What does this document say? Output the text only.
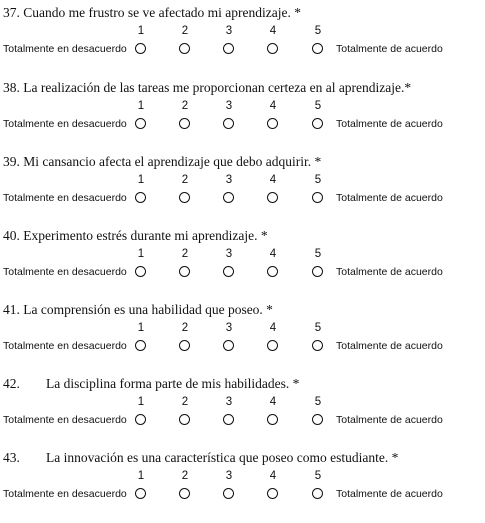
37. Cuando me frustro se ve afectado mi aprendizaje. *
1	2	3	4	5
Totalmente en desacuerdo	Totalmente de acuerdo
38. La realización de las tareas me proporcionan certeza en al aprendizaje.*
1	2	3	4	5
Totalmente en desacuerdo	Totalmente de acuerdo
39. Mi cansancio afecta el aprendizaje que debo adquirir. *
1	2	3	4	5
Totalmente en desacuerdo	Totalmente de acuerdo
40. Experimento estrés durante mi aprendizaje. *
1	2	3	4	5
Totalmente en desacuerdo	Totalmente de acuerdo
41. La comprensión es una habilidad que poseo. *
1	2	3	4	5
Totalmente en desacuerdo	Totalmente de acuerdo
42. La disciplina forma parte de mis habilidades. *
1	2	3	4	5
Totalmente en desacuerdo	Totalmente de acuerdo
43. La innovación es una característica que poseo como estudiante. *
1	2	3	4	5
Totalmente en desacuerdo	Totalmente de acuerdo
